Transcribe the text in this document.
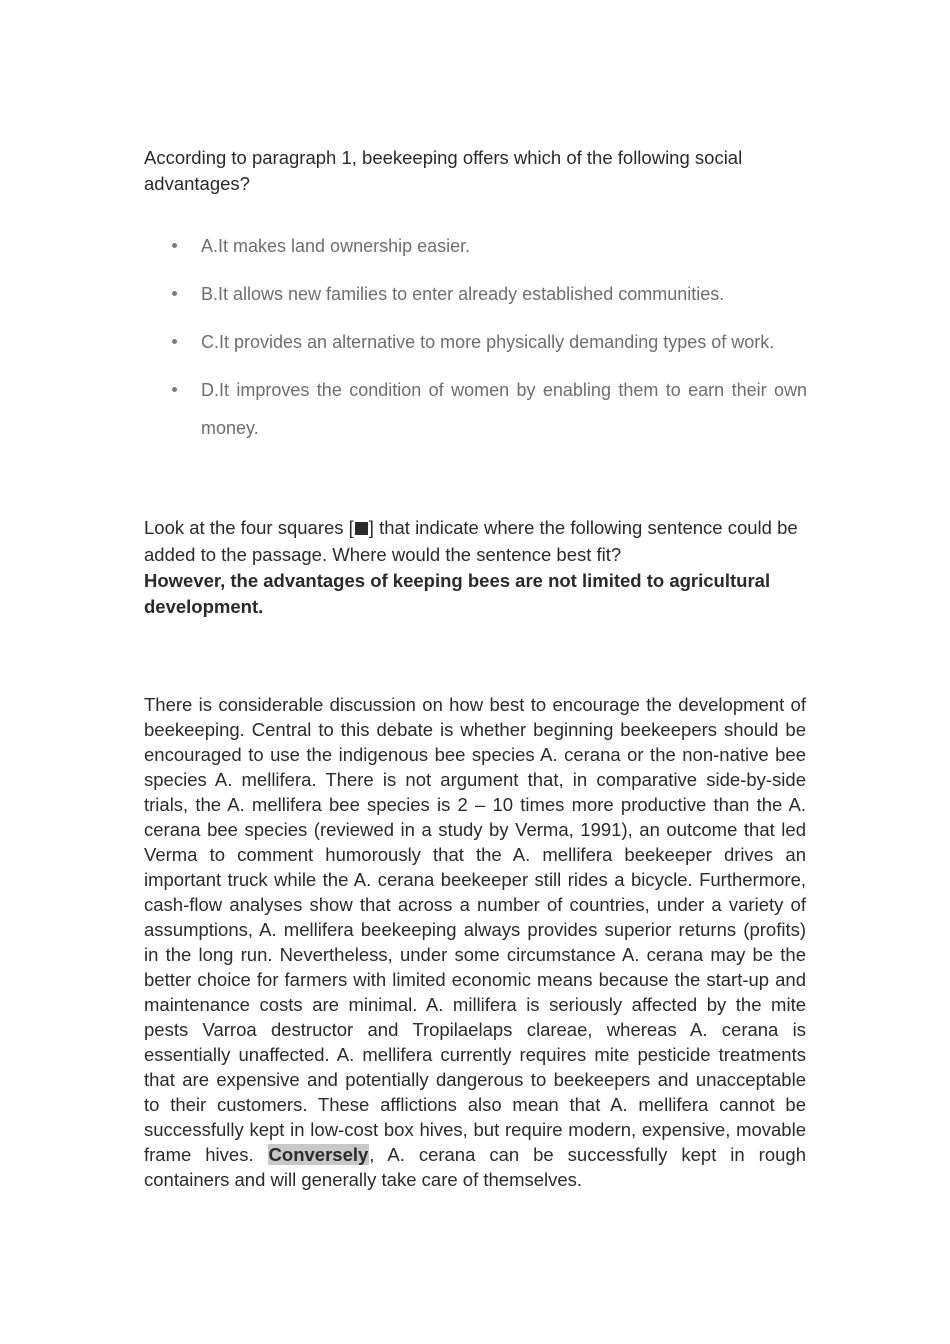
According to paragraph 1, beekeeping offers which of the following social advantages?

A.It makes land ownership easier.
B.It allows new families to enter already established communities.
C.It provides an alternative to more physically demanding types of work.
D.It improves the condition of women by enabling them to earn their own money.

Look at the four squares [ ] that indicate where the following sentence could be added to the passage. Where would the sentence best fit?

However, the advantages of keeping bees are not limited to agricultural development.

There is considerable discussion on how best to encourage the development of beekeeping. Central to this debate is whether beginning beekeepers should be encouraged to use the indigenous bee species A. cerana or the non-native bee species A. mellifera. There is not argument that, in comparative side-by-side trials, the A. mellifera bee species is 2 – 10 times more productive than the A. cerana bee species (reviewed in a study by Verma, 1991), an outcome that led Verma to comment humorously that the A. mellifera beekeeper drives an important truck while the A. cerana beekeeper still rides a bicycle. Furthermore, cash-flow analyses show that across a number of countries, under a variety of assumptions, A. mellifera beekeeping always provides superior returns (profits) in the long run. Nevertheless, under some circumstance A. cerana may be the better choice for farmers with limited economic means because the start-up and maintenance costs are minimal. A. millifera is seriously affected by the mite pests Varroa destructor and Tropilaelaps clareae, whereas A. cerana is essentially unaffected. A. mellifera currently requires mite pesticide treatments that are expensive and potentially dangerous to beekeepers and unacceptable to their customers. These afflictions also mean that A. mellifera cannot be successfully kept in low-cost box hives, but require modern, expensive, movable frame hives. Conversely, A. cerana can be successfully kept in rough containers and will generally take care of themselves.
